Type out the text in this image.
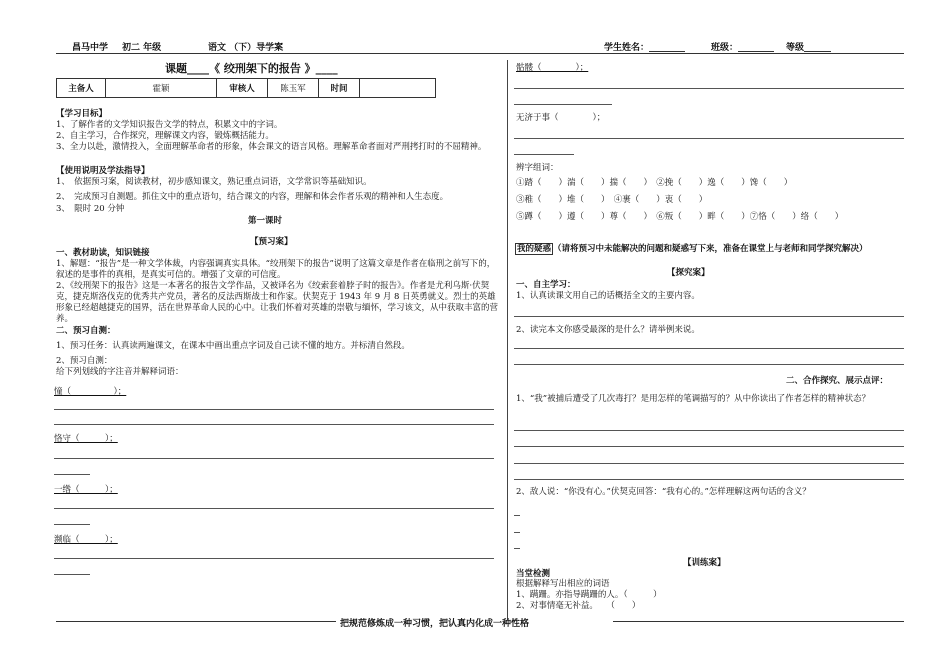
昌马中学 初二 年级	语文 （下）导学案	学生姓名：________	班级：________ 等级______
课题____《 绞刑架下的报告 》____
主备人	霍颖	审核人	陈玉军	时间	
【学习目标】
1、了解作者的文学知识报告文学的特点，积累文中的字词。
2、自主学习，合作探究，理解课文内容，锻炼概括能力。
3、全力以赴，激情投入，全面理解革命者的形象，体会课文的语言风格。理解革命者面对严刑拷打时的不屈精神。
【使用说明及学法指导】
1、　依据预习案，阅读教材，初步感知课文，熟记重点词语，文学常识等基础知识。
2、　完成预习自测题。抓住文中的重点语句，结合课文的内容，理解和体会作者乐观的精神和人生态度。
3、　限时 20 分钟
第一课时
【预习案】
一、教材助读，知识链接
1、解题：“报告”是一种文学体裁，内容强调真实具体。“绞刑架下的报告”说明了这篇文章是作者在临刑之前写下的，叙述的是事件的真相，是真实可信的。增强了文章的可信度。
2、《绞刑架下的报告》这是一本著名的报告文学作品，又被译名为《绞索套着脖子时的报告》。作者是尤利乌斯·伏契克，捷克斯洛伐克的优秀共产党员，著名的反法西斯战士和作家。伏契克于 1943 年 9 月 8 日英勇就义。烈士的英雄形象已经超越捷克的国界，活在世界革命人民的心中。让我们怀着对英雄的崇敬与缅怀，学习该文，从中获取丰富的营养。
二、预习自测：
1、预习任务：认真读两遍课文，在课本中画出重点字词及自己读不懂的地方。并标清自然段。
2、预习自测：
给下列划线的字注音并解释词语：
憧（　　　　　）；
恪守（　　　）；
一绺（　　　）；
濒临（　　　）；
骷髅（　　　　）；
无济于事（　　　　）；
辨字组词：
①踏（　　）湍（　　）揣（　　）　②挽（　　）逸（　　）馋（　　）
③稚（　　）堆（　　）　④裹（　　）衷（　　）
⑤蹲（　　）遵（　　）尊（　　）　⑥叛（　　）畔（　　）⑦恪（　　）络（　　）
我的疑惑 （请将预习中未能解决的问题和疑惑写下来，准备在课堂上与老师和同学探究解决）
【探究案】
一、自主学习：
1、认真读课文用自己的话概括全文的主要内容。
2、读完本文你感受最深的是什么？请举例来说。
二、合作探究、展示点评：
1、“我”被捕后遭受了几次毒打？是用怎样的笔调描写的？从中你读出了作者怎样的精神状态？
2、敌人说：“你没有心。”伏契克回答：“我有心的。”怎样理解这两句话的含义？
【训练案】
当堂检测
根据解释写出相应的词语
1、蹒跚。亦指导蹒跚的人。（　　　）
2、对事情毫无补益。　　（　　）
把规范修炼成一种习惯，把认真内化成一种性格
